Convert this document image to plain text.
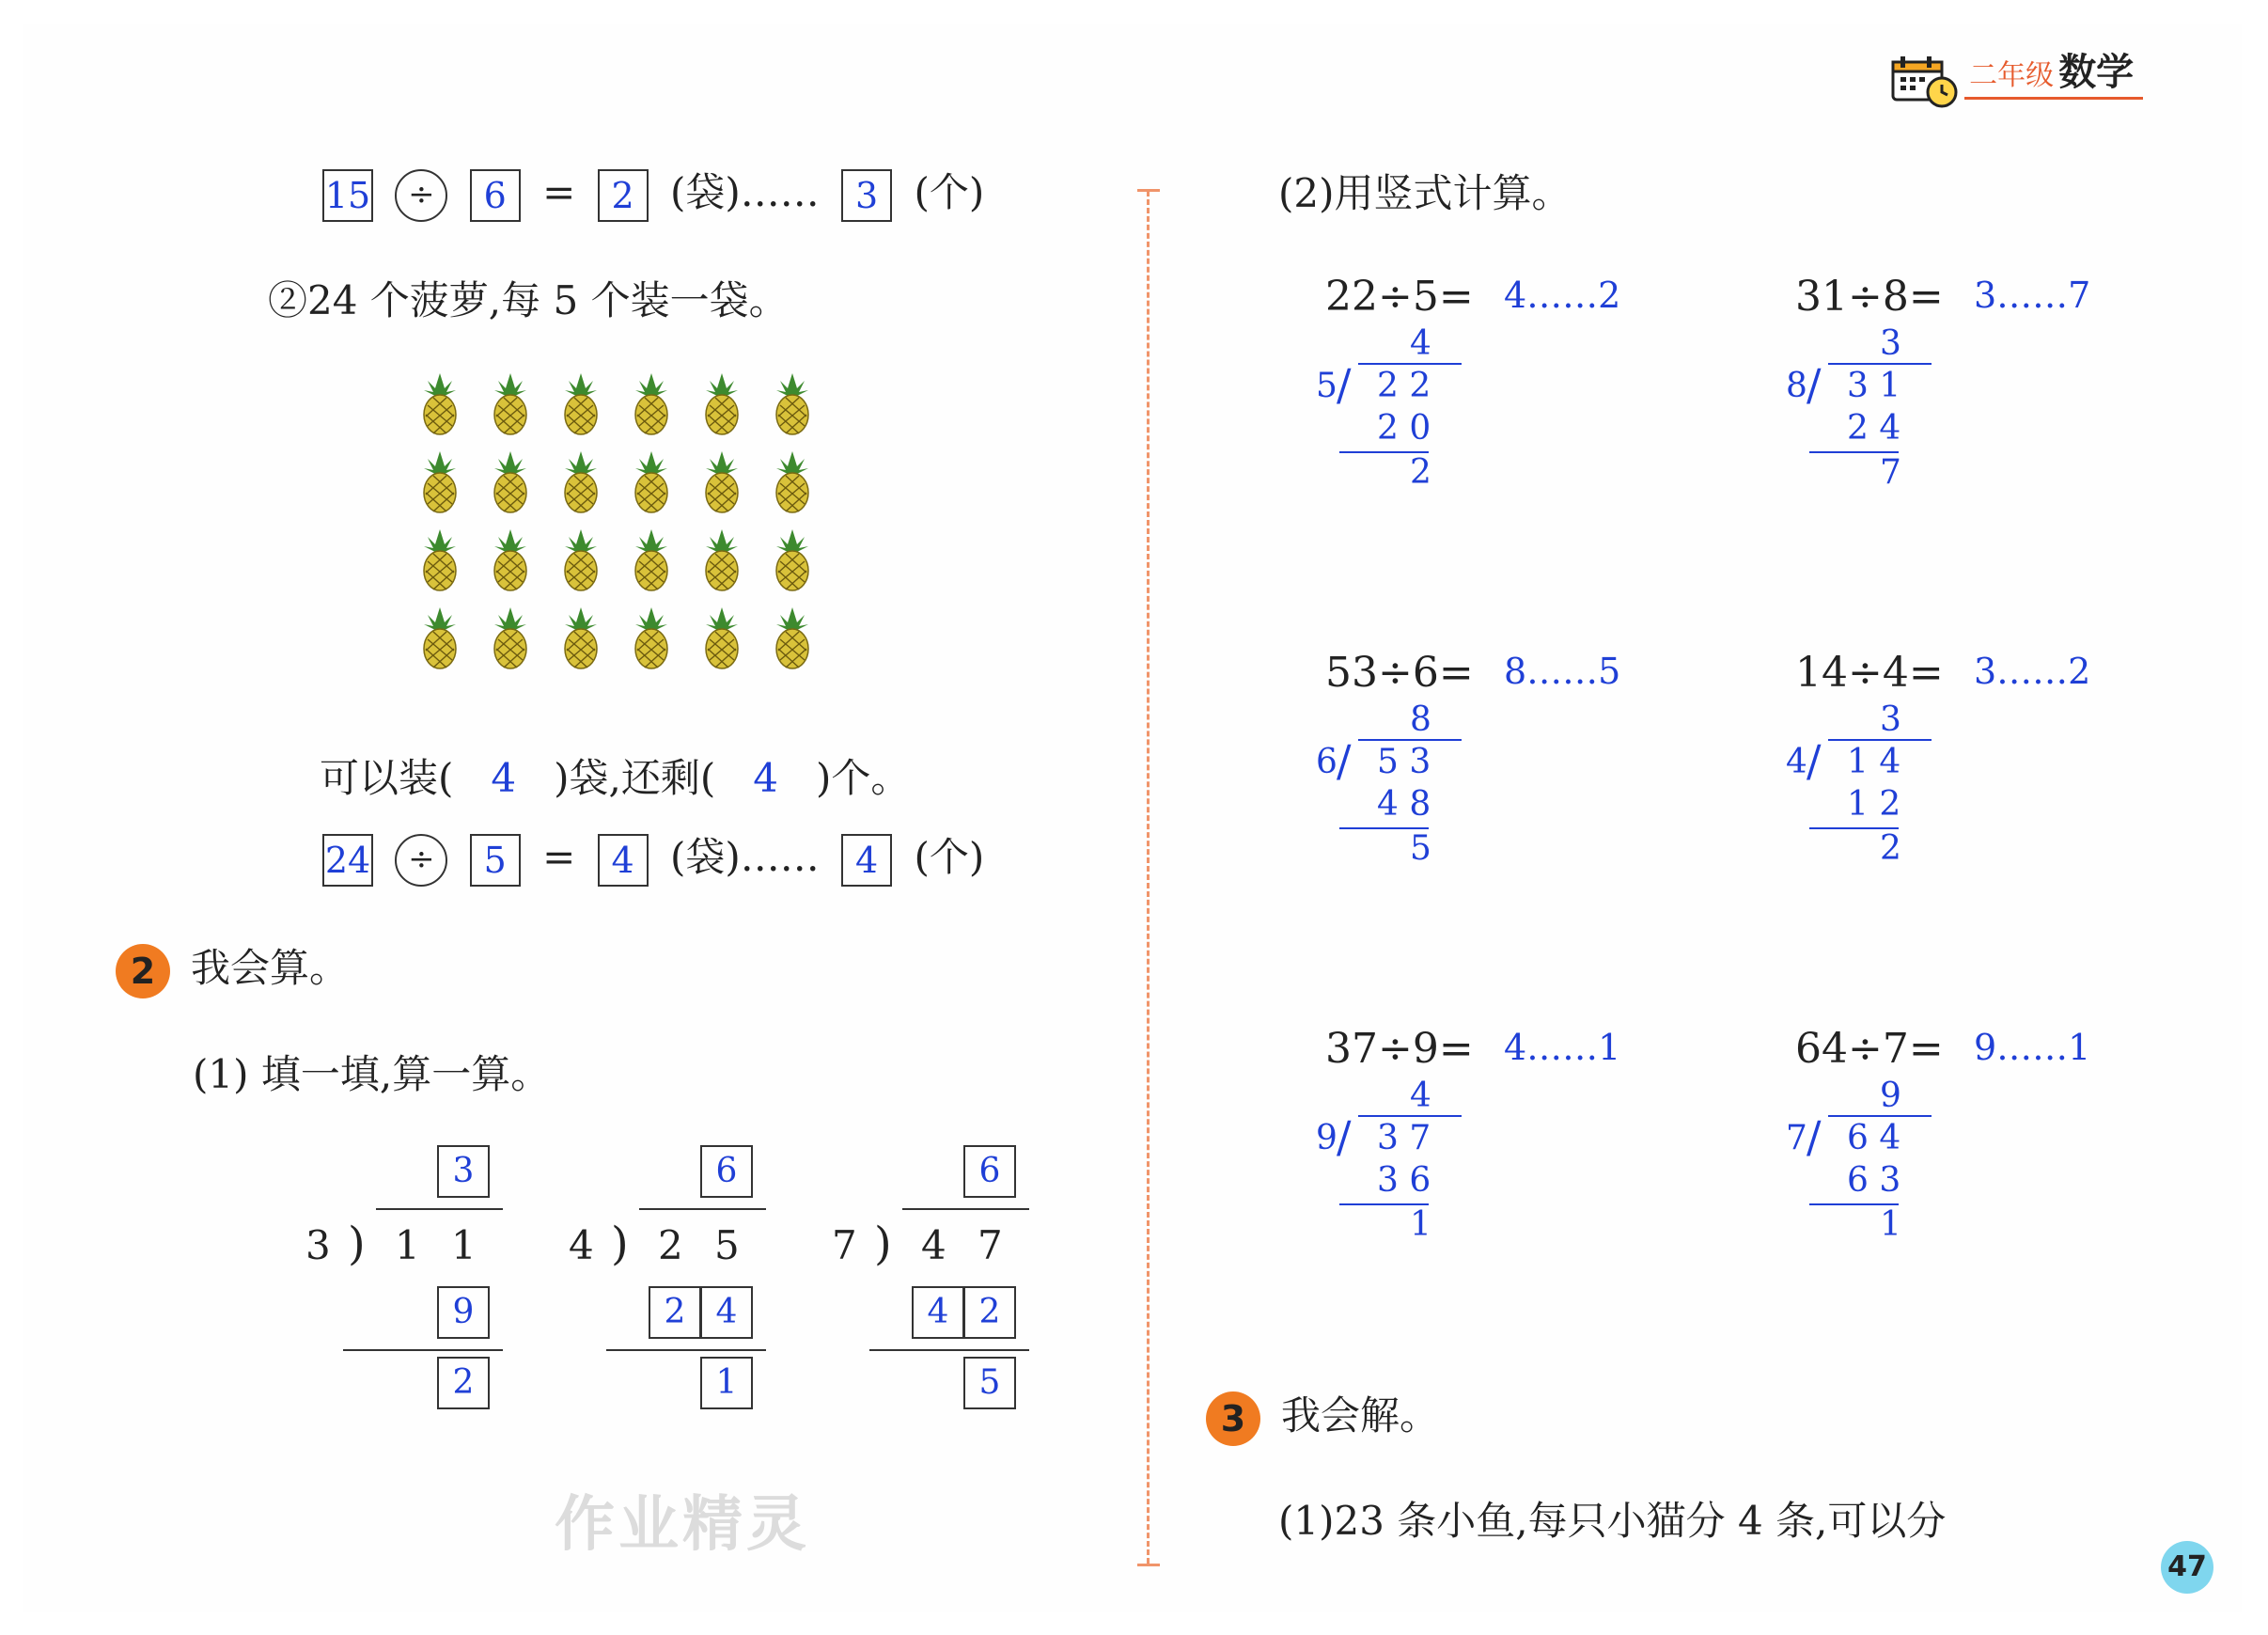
二年级 数学
15 ÷ 6 = 2 (袋)…… 3 (个)
②24 个菠萝,每 5 个装一袋。
可以装( 4 )袋,还剩( 4 )个。
24 ÷ 5 = 4 (袋)…… 4 (个)
2 我会算。
(1) 填一填,算一算。
3
3 ) 1 1
9
2
6
4 ) 2 5
2 4
1
6
7 ) 4 7
4 2
5
(2)用竖式计算。
22÷5= 4……2
4
5 / 2 2
2 0
2
31÷8= 3……7
3
8 / 3 1
2 4
7
53÷6= 8……5
8
6 / 5 3
4 8
5
14÷4= 3……2
3
4 / 1 4
1 2
2
37÷9= 4……1
4
9 / 3 7
3 6
1
64÷7= 9……1
9
7 / 6 4
6 3
1
3 我会解。
(1)23 条小鱼,每只小猫分 4 条,可以分
作业精灵
47
